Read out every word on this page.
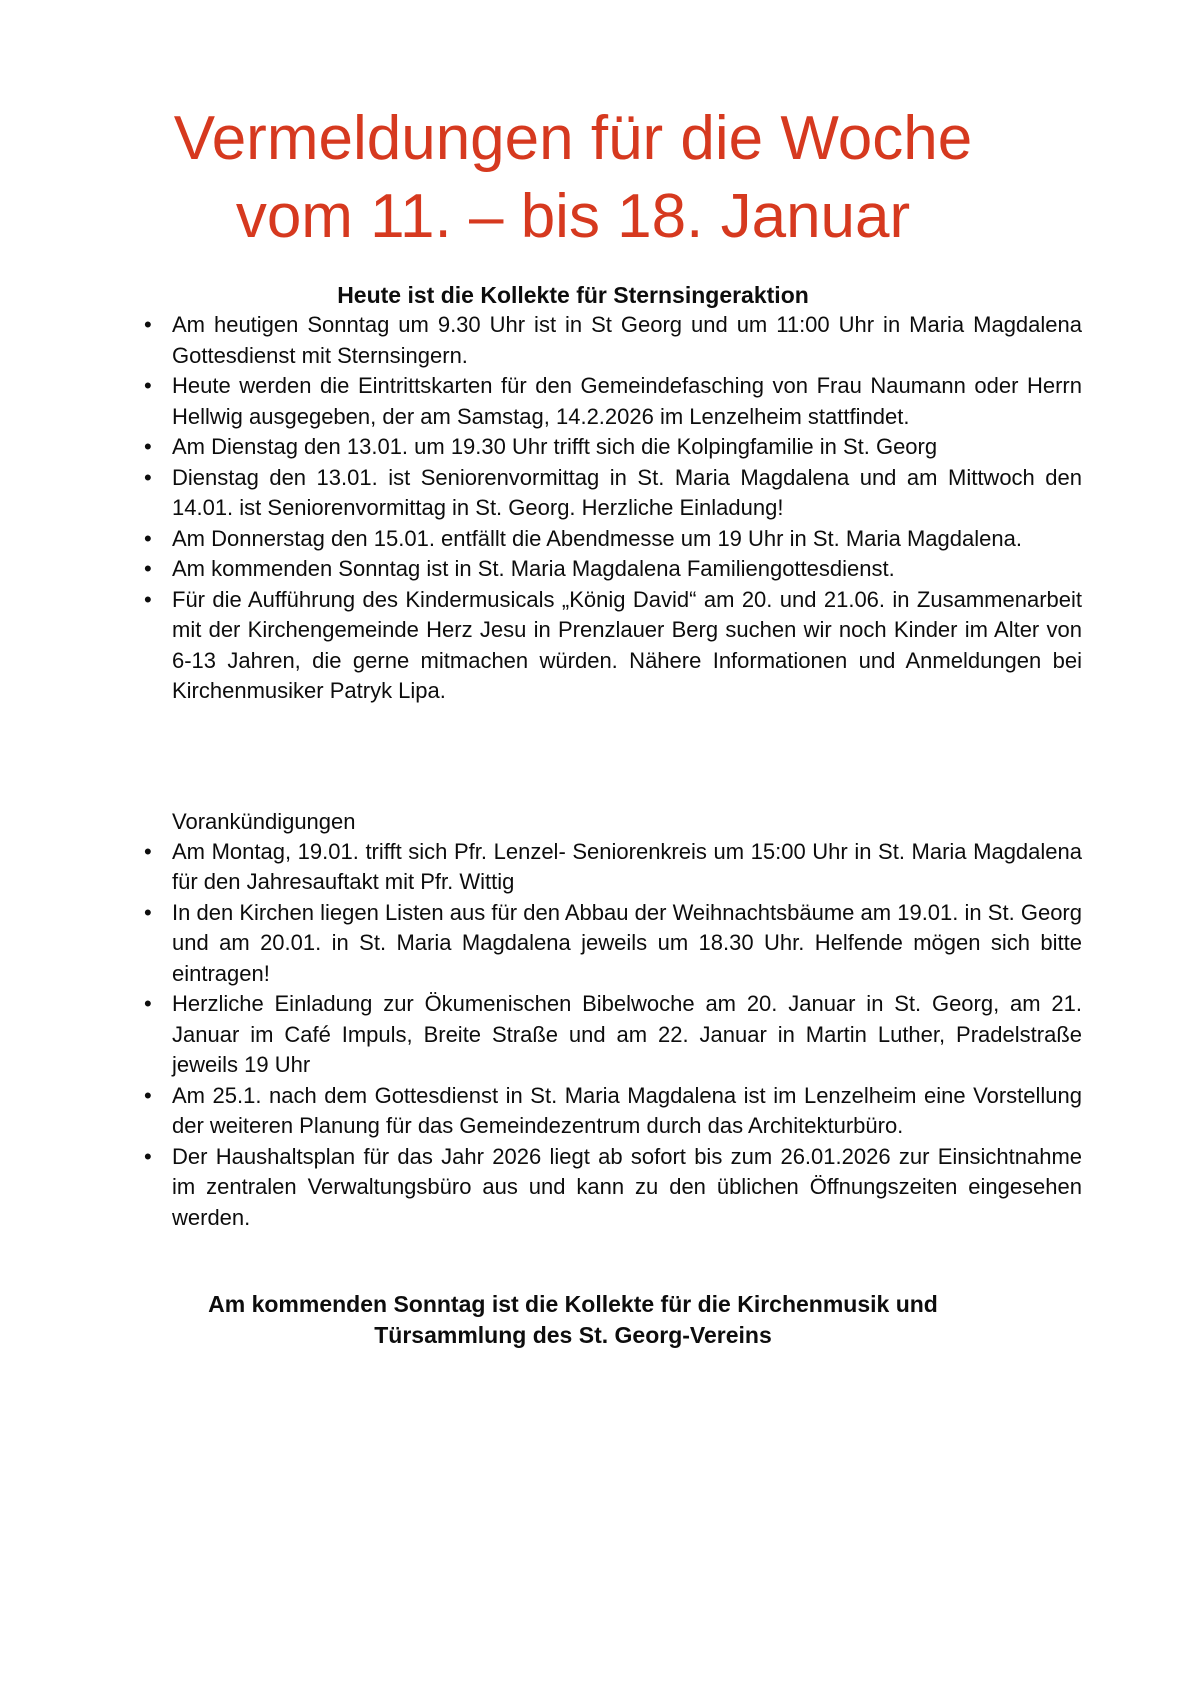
Vermeldungen für die Woche
vom 11. – bis 18. Januar
Heute ist die Kollekte für Sternsingeraktion
• Am heutigen Sonntag um 9.30 Uhr ist in St Georg und um 11:00 Uhr in Maria Magdalena Gottesdienst mit Sternsingern.
• Heute werden die Eintrittskarten für den Gemeindefasching von Frau Naumann oder Herrn Hellwig ausgegeben, der am Samstag, 14.2.2026 im Lenzelheim stattfindet.
• Am Dienstag den 13.01. um 19.30 Uhr trifft sich die Kolpingfamilie in St. Georg
• Dienstag den 13.01. ist Seniorenvormittag in St. Maria Magdalena und am Mittwoch den 14.01. ist Seniorenvormittag in St. Georg. Herzliche Einladung!
• Am Donnerstag den 15.01. entfällt die Abendmesse um 19 Uhr in St. Maria Magdalena.
• Am kommenden Sonntag ist in St. Maria Magdalena Familiengottesdienst.
• Für die Aufführung des Kindermusicals „König David“ am 20. und 21.06. in Zusammenarbeit mit der Kirchengemeinde Herz Jesu in Prenzlauer Berg suchen wir noch Kinder im Alter von 6-13 Jahren, die gerne mitmachen würden. Nähere Informationen und Anmeldungen bei Kirchenmusiker Patryk Lipa.
Vorankündigungen
• Am Montag, 19.01. trifft sich Pfr. Lenzel- Seniorenkreis um 15:00 Uhr in St. Maria Magdalena für den Jahresauftakt mit Pfr. Wittig
• In den Kirchen liegen Listen aus für den Abbau der Weihnachtsbäume am 19.01. in St. Georg und am 20.01. in St. Maria Magdalena jeweils um 18.30 Uhr. Helfende mögen sich bitte eintragen!
• Herzliche Einladung zur Ökumenischen Bibelwoche am 20. Januar in St. Georg, am 21. Januar im Café Impuls, Breite Straße und am 22. Januar in Martin Luther, Pradelstraße jeweils 19 Uhr
• Am 25.1. nach dem Gottesdienst in St. Maria Magdalena ist im Lenzelheim eine Vorstellung der weiteren Planung für das Gemeindezentrum durch das Architekturbüro.
• Der Haushaltsplan für das Jahr 2026 liegt ab sofort bis zum 26.01.2026 zur Einsichtnahme im zentralen Verwaltungsbüro aus und kann zu den üblichen Öffnungszeiten eingesehen werden.
Am kommenden Sonntag ist die Kollekte für die Kirchenmusik und
Türsammlung des St. Georg-Vereins
